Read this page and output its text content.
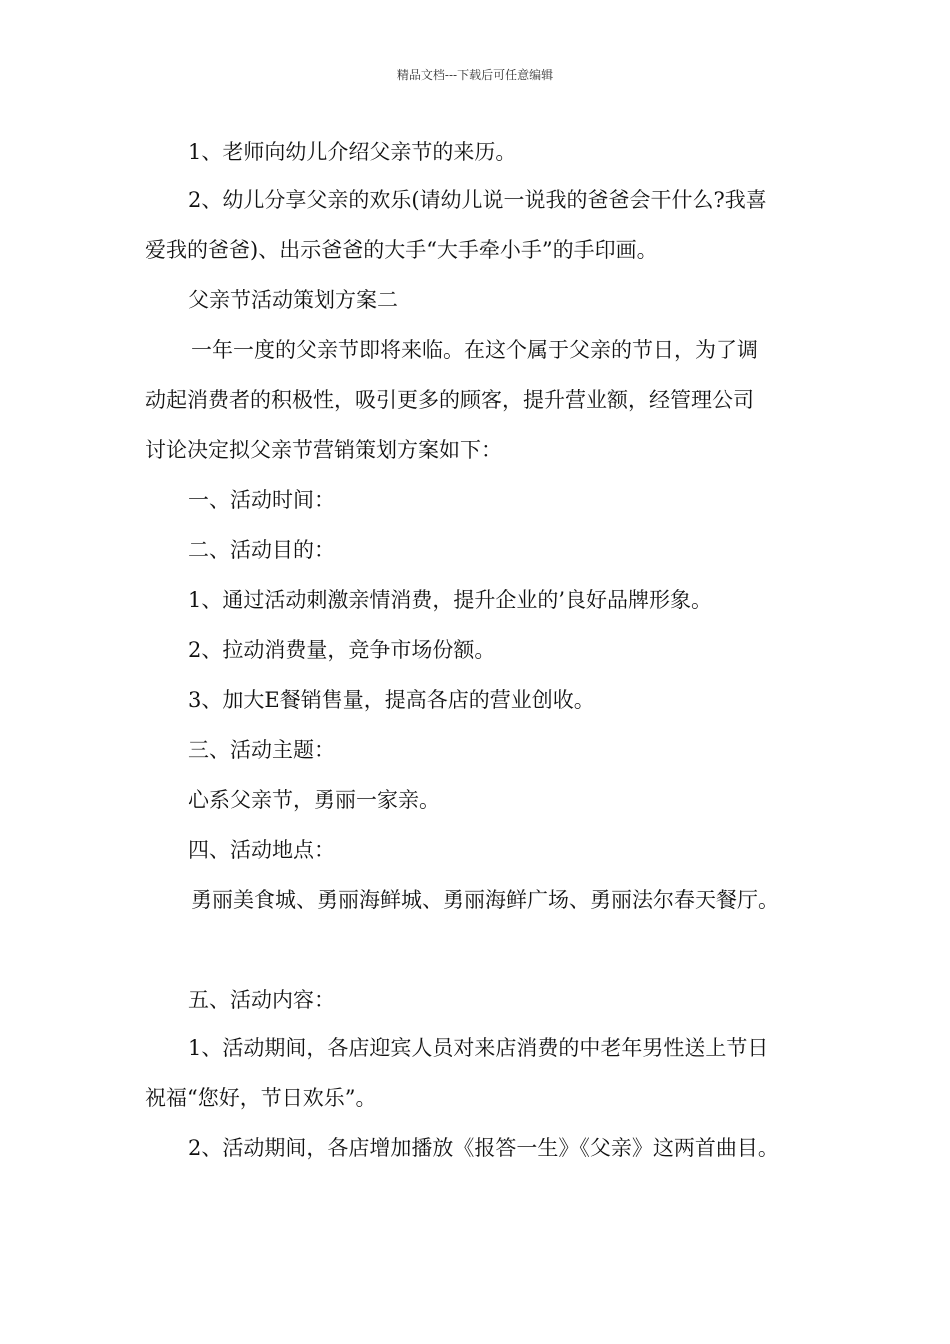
精品文档---下载后可任意编辑
1、老师向幼儿介绍父亲节的来历。
2、幼儿分享父亲的欢乐(请幼儿说一说我的爸爸会干什么?我喜
爱我的爸爸)、出示爸爸的大手“大手牵小手”的手印画。
父亲节活动策划方案二
一年一度的父亲节即将来临。在这个属于父亲的节日，为了调
动起消费者的积极性，吸引更多的顾客，提升营业额，经管理公司
讨论决定拟父亲节营销策划方案如下：
一、活动时间：
二、活动目的：
1、通过活动刺激亲情消费，提升企业的’良好品牌形象。
2、拉动消费量，竞争市场份额。
3、加大E餐销售量，提高各店的营业创收。
三、活动主题：
心系父亲节，勇丽一家亲。
四、活动地点：
勇丽美食城、勇丽海鲜城、勇丽海鲜广场、勇丽法尔春天餐厅。
五、活动内容：
1、活动期间，各店迎宾人员对来店消费的中老年男性送上节日
祝福“您好，节日欢乐”。
2、活动期间，各店增加播放《报答一生》《父亲》这两首曲目。
